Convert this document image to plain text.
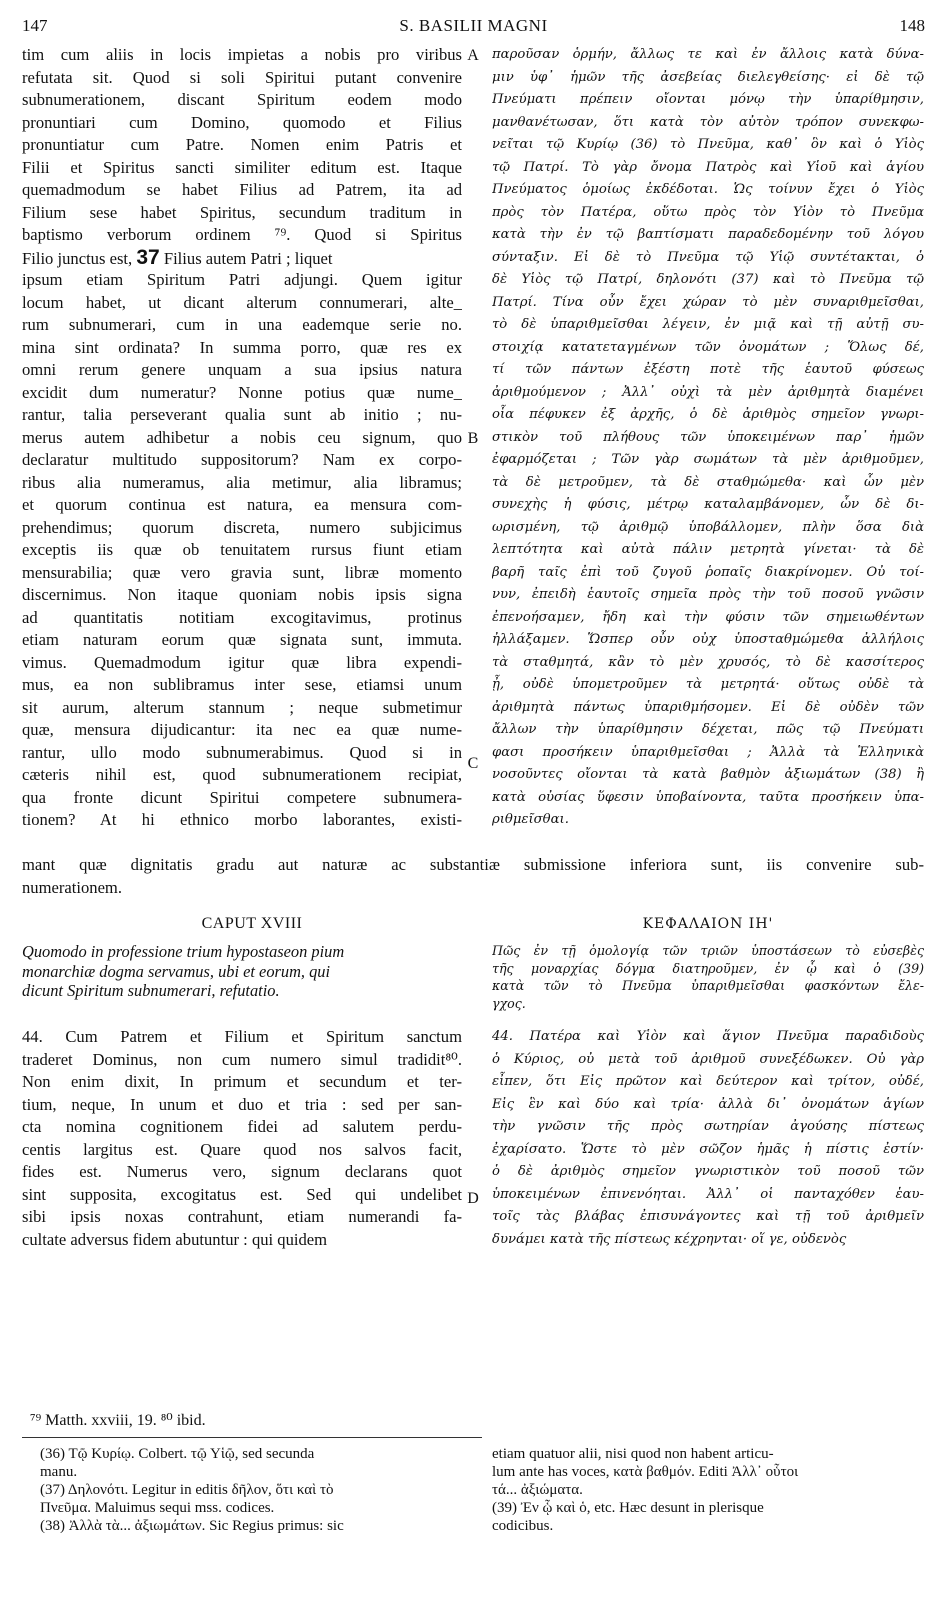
147	S. BASILII MAGNI	148
A
B
C
D
tim cum aliis in locis impietas a nobis pro viribus
refutata sit. Quod si soli Spiritui putant convenire
subnumerationem, discant Spiritum eodem modo
pronuntiari cum Domino, quomodo et Filius
pronuntiatur cum Patre. Nomen enim Patris et
Filii et Spiritus sancti similiter editum est. Itaque
quemadmodum se habet Filius ad Patrem, ita ad
Filium sese habet Spiritus, secundum traditum in
baptismo verborum ordinem ⁷⁹. Quod si Spiritus
Filio junctus est, 37 Filius autem Patri ; liquet
ipsum etiam Spiritum Patri adjungi. Quem igitur
locum habet, ut dicant alterum connumerari, alte_
rum subnumerari, cum in una eademque serie no.
mina sint ordinata? In summa porro, quæ res ex
omni rerum genere unquam a sua ipsius natura
excidit dum numeratur? Nonne potius quæ nume_
rantur, talia perseverant qualia sunt ab initio ; nu-
merus autem adhibetur a nobis ceu signum, quo
declaratur multitudo suppositorum? Nam ex corpo-
ribus alia numeramus, alia metimur, alia libramus;
et quorum continua est natura, ea mensura com-
prehendimus; quorum discreta, numero subjicimus
exceptis iis quæ ob tenuitatem rursus fiunt etiam
mensurabilia; quæ vero gravia sunt, libræ momento
discernimus. Non itaque quoniam nobis ipsis signa
ad quantitatis notitiam excogitavimus, protinus
etiam naturam eorum quæ signata sunt, immuta.
vimus. Quemadmodum igitur quæ libra expendi-
mus, ea non sublibramus inter sese, etiamsi unum
sit aurum, alterum stannum ; neque submetimur
quæ, mensura dijudicantur: ita nec ea quæ nume-
rantur, ullo modo subnumerabimus. Quod si in
cæteris nihil est, quod subnumerationem recipiat,
qua fronte dicunt Spiritui competere subnumera-
tionem? At hi ethnico morbo laborantes, existi-
παροῦσαν ὁρμήν, ἄλλως τε καὶ ἐν ἄλλοις κατὰ δύνα-
μιν ὑφ᾽ ἡμῶν τῆς ἀσεβείας διελεγθείσης· εἰ δὲ τῷ
Πνεύματι πρέπειν οἴονται μόνῳ τὴν ὑπαρίθμησιν,
μανθανέτωσαν, ὅτι κατὰ τὸν αὐτὸν τρόπον συνεκφω-
νεῖται τῷ Κυρίῳ (36) τὸ Πνεῦμα, καθ᾽ ὃν καὶ ὁ Υἱὸς
τῷ Πατρί. Τὸ γὰρ ὄνομα Πατρὸς καὶ Υἱοῦ καὶ ἁγίου
Πνεύματος ὁμοίως ἐκδέδοται. Ὡς τοίνυν ἔχει ὁ Υἱὸς
πρὸς τὸν Πατέρα, οὕτω πρὸς τὸν Υἱὸν τὸ Πνεῦμα
κατὰ τὴν ἐν τῷ βαπτίσματι παραδεδομένην τοῦ λόγου
σύνταξιν. Εἰ δὲ τὸ Πνεῦμα τῷ Υἱῷ συντέτακται, ὁ
δὲ Υἱὸς τῷ Πατρί, δηλονότι (37) καὶ τὸ Πνεῦμα τῷ
Πατρί. Τίνα οὖν ἔχει χώραν τὸ μὲν συναριθμεῖσθαι,
τὸ δὲ ὑπαριθμεῖσθαι λέγειν, ἐν μιᾷ καὶ τῇ αὐτῇ συ-
στοιχίᾳ κατατεταγμένων τῶν ὀνομάτων ; Ὅλως δέ,
τί τῶν πάντων ἐξέστη ποτὲ τῆς ἑαυτοῦ φύσεως
ἀριθμούμενον ; Ἀλλ᾽ οὐχὶ τὰ μὲν ἀριθμητὰ διαμένει
οἷα πέφυκεν ἐξ ἀρχῆς, ὁ δὲ ἀριθμὸς σημεῖον γνωρι-
στικὸν τοῦ πλήθους τῶν ὑποκειμένων παρ᾽ ἡμῶν
ἐφαρμόζεται ; Τῶν γὰρ σωμάτων τὰ μὲν ἀριθμοῦμεν,
τὰ δὲ μετροῦμεν, τὰ δὲ σταθμώμεθα· καὶ ὧν μὲν
συνεχὴς ἡ φύσις, μέτρῳ καταλαμβάνομεν, ὧν δὲ δι-
ωρισμένη, τῷ ἀριθμῷ ὑποβάλλομεν, πλὴν ὅσα διὰ
λεπτότητα καὶ αὐτὰ πάλιν μετρητὰ γίνεται· τὰ δὲ
βαρῆ ταῖς ἐπὶ τοῦ ζυγοῦ ῥοπαῖς διακρίνομεν. Οὐ τοί-
νυν, ἐπειδὴ ἑαυτοῖς σημεῖα πρὸς τὴν τοῦ ποσοῦ γνῶσιν
ἐπενοήσαμεν, ἤδη καὶ τὴν φύσιν τῶν σημειωθέντων
ἠλλάξαμεν. Ὥσπερ οὖν οὐχ ὑποσταθμώμεθα ἀλλήλοις
τὰ σταθμητά, κἂν τὸ μὲν χρυσός, τὸ δὲ κασσίτερος
ᾖ, οὐδὲ ὑπομετροῦμεν τὰ μετρητά· οὕτως οὐδὲ τὰ
ἀριθμητὰ πάντως ὑπαριθμήσομεν. Εἰ δὲ οὐδὲν τῶν
ἄλλων τὴν ὑπαρίθμησιν δέχεται, πῶς τῷ Πνεύματι
φασι προσήκειν ὑπαριθμεῖσθαι ; Ἀλλὰ τὰ Ἑλληνικὰ
νοσοῦντες οἴονται τὰ κατὰ βαθμὸν ἀξιωμάτων (38) ἢ
κατὰ οὐσίας ὕφεσιν ὑποβαίνοντα, ταῦτα προσήκειν ὑπα-
ριθμεῖσθαι.
mant quæ dignitatis gradu aut naturæ ac substantiæ submissione inferiora sunt, iis convenire sub-
numerationem.
CAPUT XVIII	ΚΕΦΑΛΑΙΟΝ ΙΗ'
Quomodo in professione trium hypostaseon pium
monarchiæ dogma servamus, ubi et eorum, qui
dicunt Spiritum subnumerari, refutatio.
Πῶς ἐν τῇ ὁμολογίᾳ τῶν τριῶν ὑποστάσεων τὸ εὐσεβὲς
τῆς μοναρχίας δόγμα διατηροῦμεν, ἐν ᾧ καὶ ὁ (39)
κατὰ τῶν τὸ Πνεῦμα ὑπαριθμεῖσθαι φασκόντων ἔλε-
γχος.
44. Cum Patrem et Filium et Spiritum sanctum
traderet Dominus, non cum numero simul tradidit⁸⁰.
Non enim dixit, In primum et secundum et ter-
tium, neque, In unum et duo et tria : sed per san-
cta nomina cognitionem fidei ad salutem perdu-
centis largitus est. Quare quod nos salvos facit,
fides est. Numerus vero, signum declarans quot
sint supposita, excogitatus est. Sed qui undelibet
sibi ipsis noxas contrahunt, etiam numerandi fa-
cultate adversus fidem abutuntur : qui quidem
44. Πατέρα καὶ Υἱὸν καὶ ἅγιον Πνεῦμα παραδιδοὺς
ὁ Κύριος, οὐ μετὰ τοῦ ἀριθμοῦ συνεξέδωκεν. Οὐ γὰρ
εἶπεν, ὅτι Εἰς πρῶτον καὶ δεύτερον καὶ τρίτον, οὐδέ,
Εἰς ἓν καὶ δύο καὶ τρία· ἀλλὰ δι᾽ ὀνομάτων ἁγίων
τὴν γνῶσιν τῆς πρὸς σωτηρίαν ἀγούσης πίστεως
ἐχαρίσατο. Ὥστε τὸ μὲν σῶζον ἡμᾶς ἡ πίστις ἐστίν·
ὁ δὲ ἀριθμὸς σημεῖον γνωριστικὸν τοῦ ποσοῦ τῶν
ὑποκειμένων ἐπινενόηται. Ἀλλ᾽ οἱ πανταχόθεν ἑαυ-
τοῖς τὰς βλάβας ἐπισυνάγοντες καὶ τῇ τοῦ ἀριθμεῖν
δυνάμει κατὰ τῆς πίστεως κέχρηνται· οἵ γε, οὐδενὸς
⁷⁹ Matth. xxviii, 19. ⁸⁰ ibid.
(36) Τῷ Κυρίῳ. Colbert. τῷ Υἱῷ, sed secunda
manu.
(37) Δηλονότι. Legitur in editis δῆλον, ὅτι καὶ τὸ
Πνεῦμα. Maluimus sequi mss. codices.
(38) Ἀλλὰ τὰ... ἀξιωμάτων. Sic Regius primus: sic
etiam quatuor alii, nisi quod non habent articu-
lum ante has voces, κατὰ βαθμόν. Editi Ἀλλ᾽ οὗτοι
τά... ἀξιώματα.
(39) Ἐν ᾧ καὶ ὁ, etc. Hæc desunt in plerisque
codicibus.
